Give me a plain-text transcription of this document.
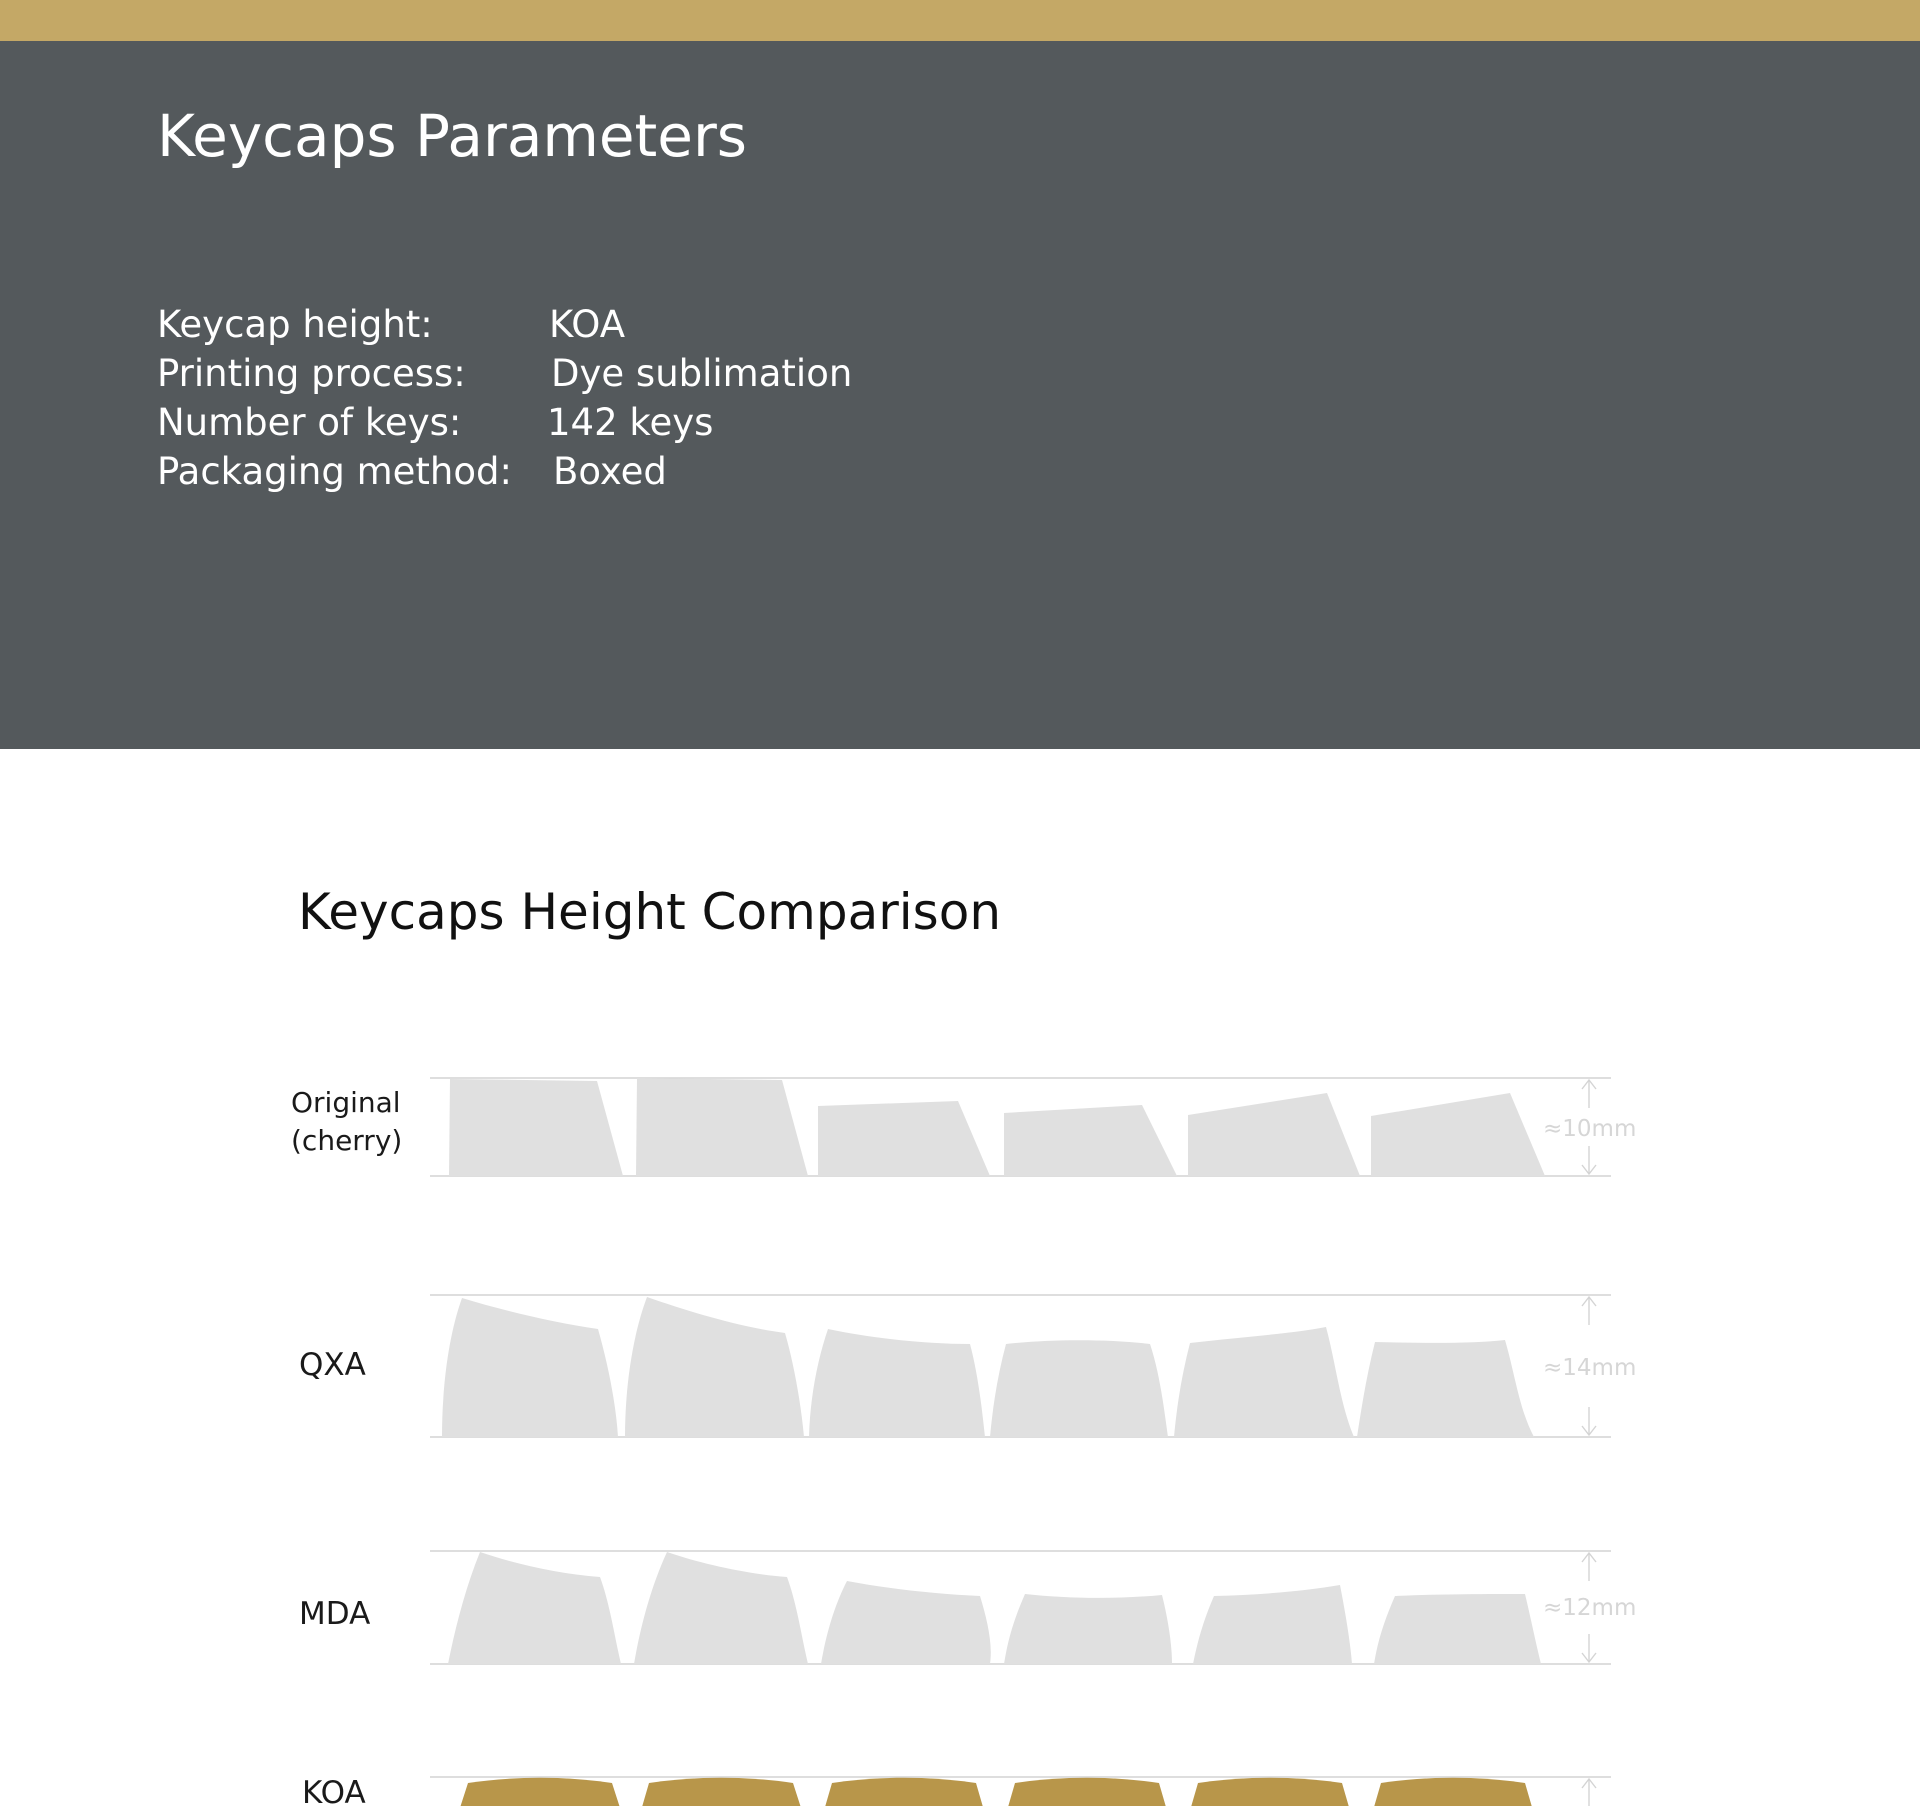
Keycaps Parameters
Keycap height:	KOA
Printing process: Dye sublimation
Number of keys: 142 keys
Packaging method: Boxed
Keycaps Height Comparison
Original
(cherry)	≈10mm
QXA	≈14mm
MDA	≈12mm
KOA
